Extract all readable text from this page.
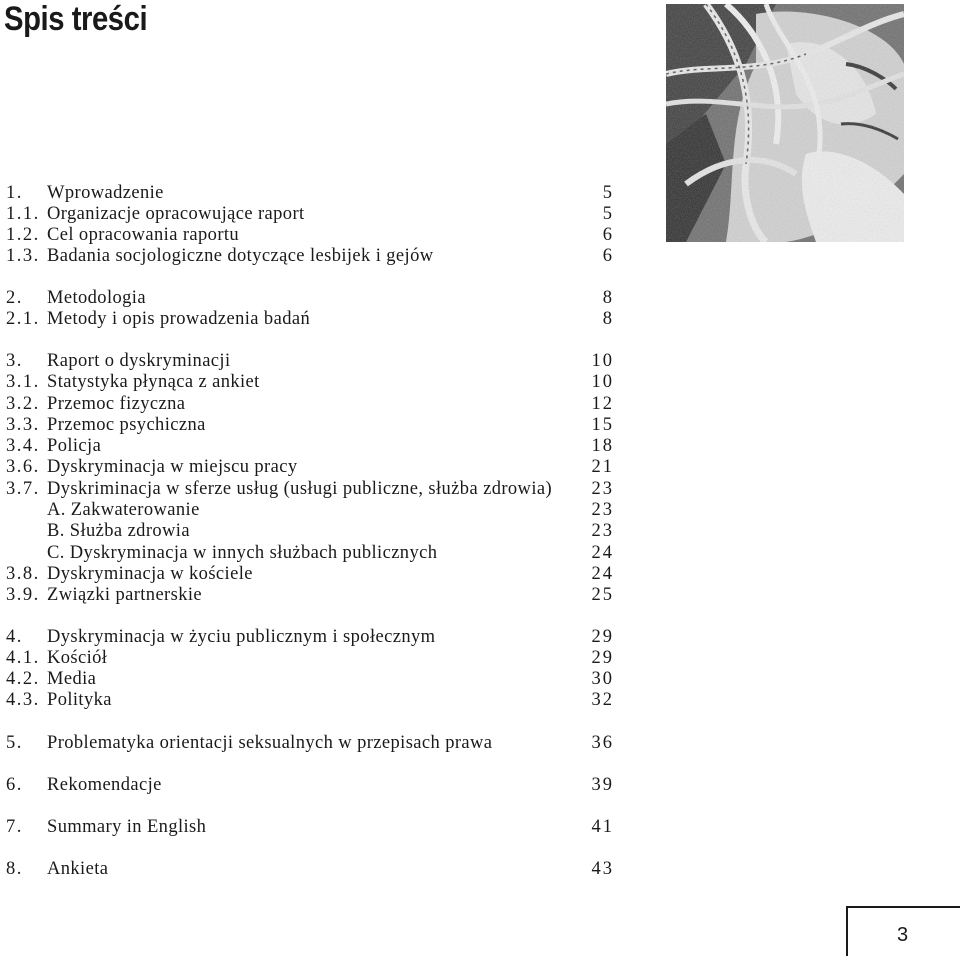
Spis treści
1. Wprowadzenie	5
1.1. Organizacje opracowujące raport	5
1.2. Cel opracowania raportu	6
1.3. Badania socjologiczne dotyczące lesbijek i gejów	6
2. Metodologia	8
2.1. Metody i opis prowadzenia badań	8
3. Raport o dyskryminacji	10
3.1. Statystyka płynąca z ankiet	10
3.2. Przemoc fizyczna	12
3.3. Przemoc psychiczna	15
3.4. Policja	18
3.6. Dyskryminacja w miejscu pracy	21
3.7. Dyskriminacja w sferze usług (usługi publiczne, służba zdrowia) 23
A. Zakwaterowanie	23
B. Służba zdrowia	23
C. Dyskryminacja w innych służbach publicznych	24
3.8. Dyskryminacja w kościele	24
3.9. Związki partnerskie	25
4. Dyskryminacja w życiu publicznym i społecznym	29
4.1. Kościół	29
4.2. Media	30
4.3. Polityka	32
5. Problematyka orientacji seksualnych w przepisach prawa	36
6. Rekomendacje	39
7. Summary in English	41
8. Ankieta	43
3
